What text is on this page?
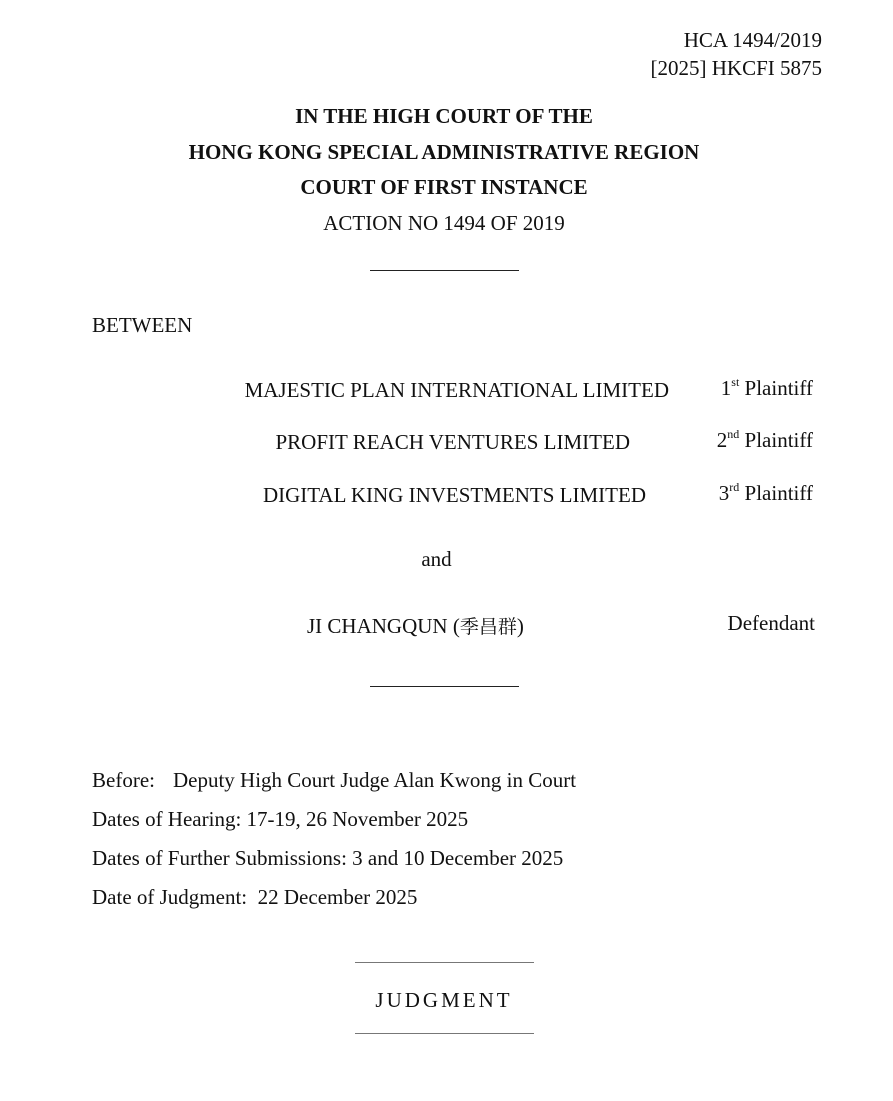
HCA 1494/2019
[2025] HKCFI 5875
IN THE HIGH COURT OF THE
HONG KONG SPECIAL ADMINISTRATIVE REGION
COURT OF FIRST INSTANCE
ACTION NO 1494 OF 2019
BETWEEN
MAJESTIC PLAN INTERNATIONAL LIMITED 1st Plaintiff
PROFIT REACH VENTURES LIMITED	2nd Plaintiff
DIGITAL KING INVESTMENTS LIMITED	3rd Plaintiff
and
JI CHANGQUN (季昌群)	Defendant
Before: Deputy High Court Judge Alan Kwong in Court
Dates of Hearing: 17-19, 26 November 2025
Dates of Further Submissions: 3 and 10 December 2025
Date of Judgment:  22 December 2025
JUDGMENT
